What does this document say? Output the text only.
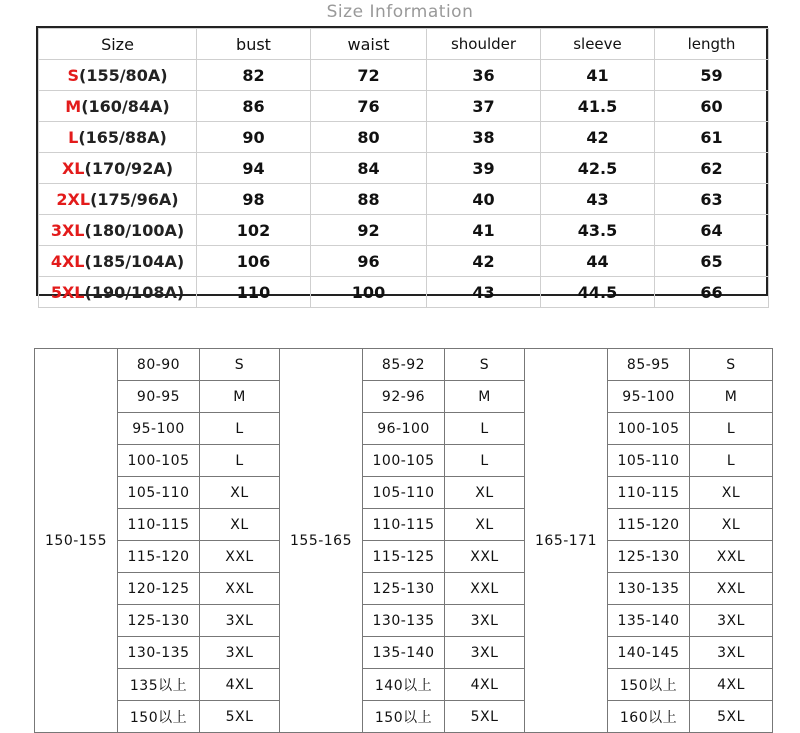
Size Information
Size	bust	waist	shoulder	sleeve	length
S(155/80A)	82	72	36	41	59
M(160/84A)	86	76	37	41.5	60
L(165/88A)	90	80	38	42	61
XL(170/92A)	94	84	39	42.5	62
2XL(175/96A)	98	88	40	43	63
3XL(180/100A)	102	92	41	43.5	64
4XL(185/104A)	106	96	42	44	65
5XL(190/108A)	110	100	43	44.5	66
150-155	80-90	S	155-165	85-92	S	165-171	85-95	S
	90-95	M		92-96	M		95-100	M
	95-100	L		96-100	L		100-105	L
	100-105	L		100-105	L		105-110	L
	105-110	XL		105-110	XL		110-115	XL
	110-115	XL		110-115	XL		115-120	XL
	115-120	XXL		115-125	XXL		125-130	XXL
	120-125	XXL		125-130	XXL		130-135	XXL
	125-130	3XL		130-135	3XL		135-140	3XL
	130-135	3XL		135-140	3XL		140-145	3XL
	135以上	4XL		140以上	4XL		150以上	4XL
	150以上	5XL		150以上	5XL		160以上	5XL
